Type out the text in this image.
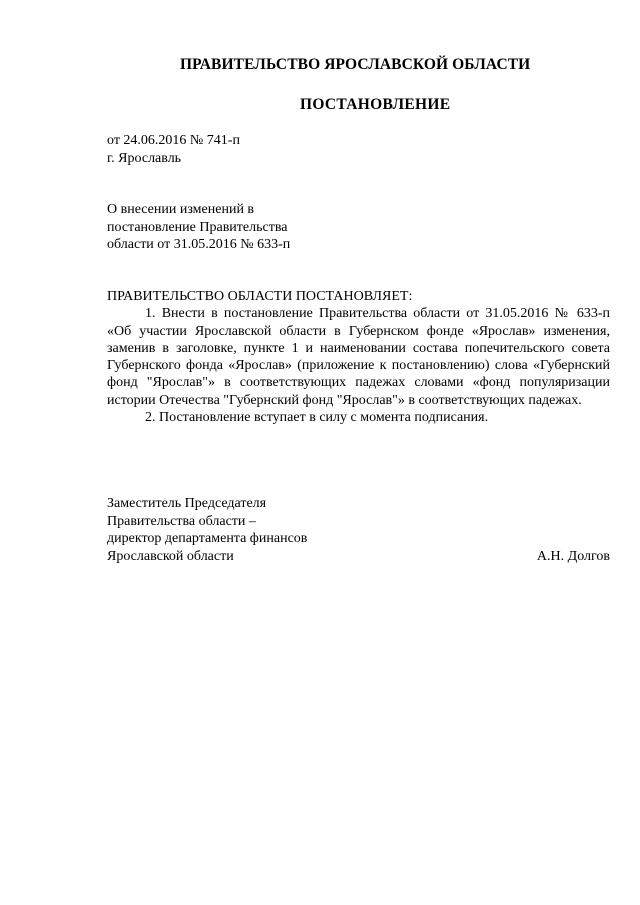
ПРАВИТЕЛЬСТВО ЯРОСЛАВСКОЙ ОБЛАСТИ
ПОСТАНОВЛЕНИЕ
от 24.06.2016 № 741-п
г. Ярославль
О внесении изменений в
постановление Правительства
области от 31.05.2016 № 633-п

ПРАВИТЕЛЬСТВО ОБЛАСТИ ПОСТАНОВЛЯЕТ:

1. Внести в постановление Правительства области от 31.05.2016 № 633-п «Об участии Ярославской области в Губернском фонде «Ярослав» изменения, заменив в заголовке, пункте 1 и наименовании состава попечительского совета Губернского фонда «Ярослав» (приложение к постановлению) слова «Губернский фонд "Ярослав"» в соответствующих падежах словами «фонд популяризации истории Отечества "Губернский фонд "Ярослав"» в соответствующих падежах.

2. Постановление вступает в силу с момента подписания.

Заместитель Председателя
Правительства области –
директор департамента финансов
Ярославской области	А.Н. Долгов
